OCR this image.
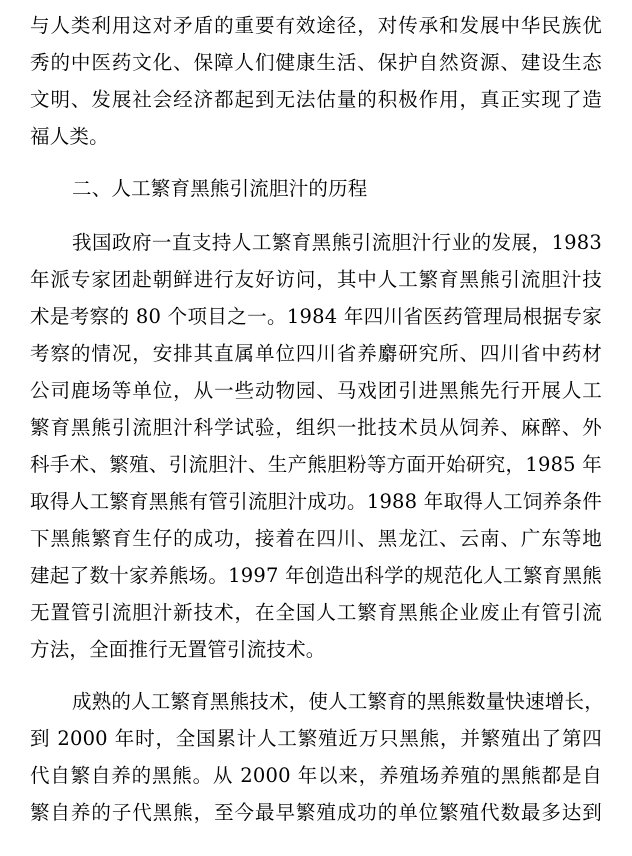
与人类利用这对矛盾的重要有效途径，对传承和发展中华民族优
秀的中医药文化、保障人们健康生活、保护自然资源、建设生态
文明、发展社会经济都起到无法估量的积极作用，真正实现了造
福人类。
二、人工繁育黑熊引流胆汁的历程
我国政府一直支持人工繁育黑熊引流胆汁行业的发展，1983
年派专家团赴朝鲜进行友好访问，其中人工繁育黑熊引流胆汁技
术是考察的 80 个项目之一。1984 年四川省医药管理局根据专家
考察的情况，安排其直属单位四川省养麝研究所、四川省中药材
公司鹿场等单位，从一些动物园、马戏团引进黑熊先行开展人工
繁育黑熊引流胆汁科学试验，组织一批技术员从饲养、麻醉、外
科手术、繁殖、引流胆汁、生产熊胆粉等方面开始研究，1985 年
取得人工繁育黑熊有管引流胆汁成功。1988 年取得人工饲养条件
下黑熊繁育生仔的成功，接着在四川、黑龙江、云南、广东等地
建起了数十家养熊场。1997 年创造出科学的规范化人工繁育黑熊
无置管引流胆汁新技术，在全国人工繁育黑熊企业废止有管引流
方法，全面推行无置管引流技术。
成熟的人工繁育黑熊技术，使人工繁育的黑熊数量快速增长，
到 2000 年时，全国累计人工繁殖近万只黑熊，并繁殖出了第四
代自繁自养的黑熊。从 2000 年以来，养殖场养殖的黑熊都是自
繁自养的子代黑熊，至今最早繁殖成功的单位繁殖代数最多达到
